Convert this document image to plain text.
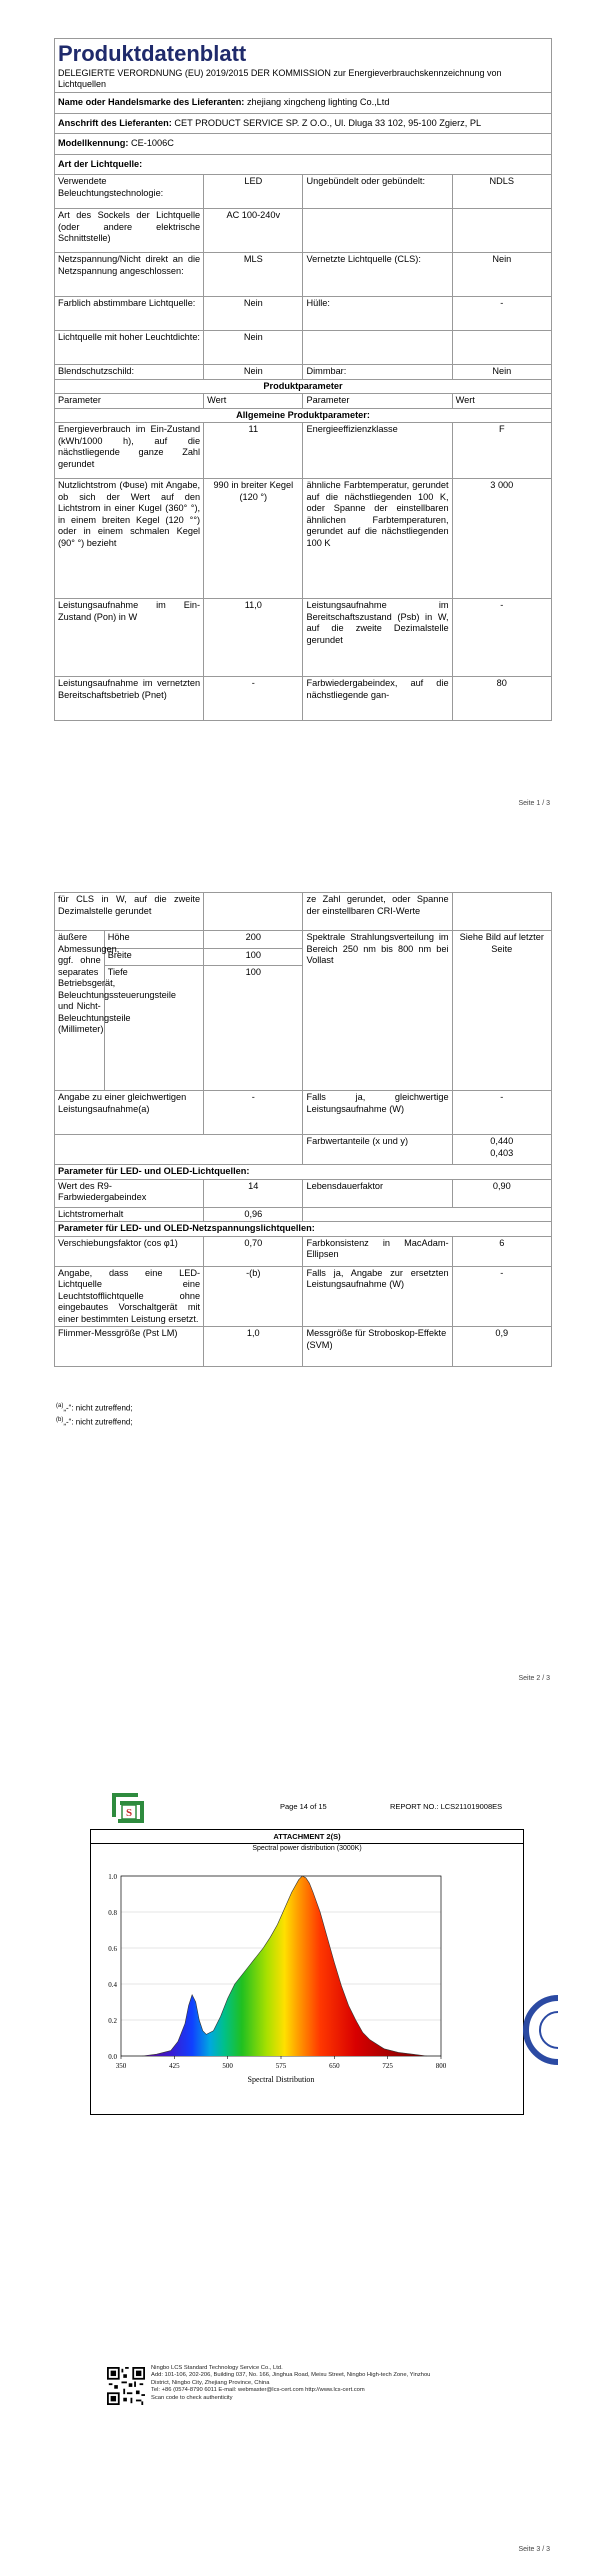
Produktdatenblatt
DELEGIERTE VERORDNUNG (EU) 2019/2015 DER KOMMISSION zur Energieverbrauchskennzeichnung von Lichtquellen			

Name oder Handelsmarke des Lieferanten: zhejiang xingcheng lighting Co.,Ltd			
Anschrift des Lieferanten: CET PRODUCT SERVICE SP. Z O.O., Ul. Dluga 33 102, 95-100 Zgierz, PL			
Modellkennung: CE-1006C			
Art der Lichtquelle:			
Verwendete Beleuchtungstechnologie:	LED	Ungebündelt oder gebündelt:	NDLS
Art des Sockels der Lichtquelle (oder andere elektrische Schnittstelle)	AC 100-240v		
Netzspannung/Nicht direkt an die Netzspannung angeschlossen:	MLS	Vernetzte Lichtquelle (CLS):	Nein
Farblich abstimmbare Lichtquelle:	Nein	Hülle:	-
Lichtquelle mit hoher Leuchtdichte:	Nein		
Blendschutzschild:	Nein	Dimmbar:	Nein
Produktparameter			
Parameter	Wert	Parameter	Wert
Allgemeine Produktparameter:			
Energieverbrauch im Ein-Zustand (kWh/1000 h), auf die nächstliegende ganze Zahl gerundet	11	Energieeffizienzklasse	F
Nutzlichtstrom (Φuse) mit Angabe, ob sich der Wert auf den Lichtstrom in einer Kugel (360° °), in einem breiten Kegel (120 °°) oder in einem schmalen Kegel (90° °) bezieht	990 in breiter Kegel (120 °)	ähnliche Farbtemperatur, gerundet auf die nächstliegenden 100 K, oder Spanne der einstellbaren ähnlichen Farbtemperaturen, gerundet auf die nächstliegenden 100 K	3 000
Leistungsaufnahme im Ein-Zustand (Pon) in W	11,0	Leistungsaufnahme im Bereitschaftszustand (Psb) in W, auf die zweite Dezimalstelle gerundet	-
Leistungsaufnahme im vernetzten Bereitschaftsbetrieb (Pnet)	-	Farbwiedergabeindex, auf die nächstliegende gan-	80
Seite 1 / 3
für CLS in W, auf die zweite Dezimalstelle gerundet			ze Zahl gerundet, oder Spanne der einstellbaren CRI-Werte	
äußere Abmessungen, ggf. ohne separates Betriebsgerät, Beleuchtungssteuerungsteile und Nicht-Beleuchtungsteile (Millimeter)	Höhe	200	Spektrale Strahlungsverteilung im Bereich 250 nm bis 800 nm bei Vollast	Siehe Bild auf letzter Seite
	Breite	100		
	Tiefe	100		
Angabe zu einer gleichwertigen Leistungsaufnahme(a)		-	Falls ja, gleichwertige Leistungsaufnahme (W)	-
			Farbwertanteile (x und y)	0,440
0,403
Parameter für LED- und OLED-Lichtquellen:				
Wert des R9-Farbwiedergabeindex		14	Lebensdauerfaktor	0,90
Lichtstromerhalt		0,96		
Parameter für LED- und OLED-Netzspannungslichtquellen:				
Verschiebungsfaktor (cos φ1)		0,70	Farbkonsistenz in MacAdam-Ellipsen	6
Angabe, dass eine LED-Lichtquelle eine Leuchtstofflichtquelle ohne eingebautes Vorschaltgerät mit einer bestimmten Leistung ersetzt.		-(b)	Falls ja, Angabe zur ersetzten Leistungsaufnahme (W)	-
Flimmer-Messgröße (Pst LM)		1,0	Messgröße für Stroboskop-Effekte (SVM)	0,9
$^{(a)}$„-“: nicht zutreffend;
$^{(b)}$„-“: nicht zutreffend;
Seite 2 / 3
S
Page 14 of 15	REPORT NO.: LCS211019008ES
ATTACHMENT 2(S)
Spectral power distribution (3000K)
0.0
0.2
0.4
0.6
0.8
1.0
350	425	500	575	650	725	800
Spectral Distribution
Ningbo LCS Standard Technology Service Co., Ltd.
Add: 101-106, 202-206, Building 037, No. 166, Jinghua Road, Meixu Street, Ningbo High-tech Zone, Yinzhou
District, Ningbo City, Zhejiang Province, China
Tel: +86 (0574-8790 6011 E-mail: webmaster@lcs-cert.com http://www.lcs-cert.com
Scan code to check authenticity
Seite 3 / 3
